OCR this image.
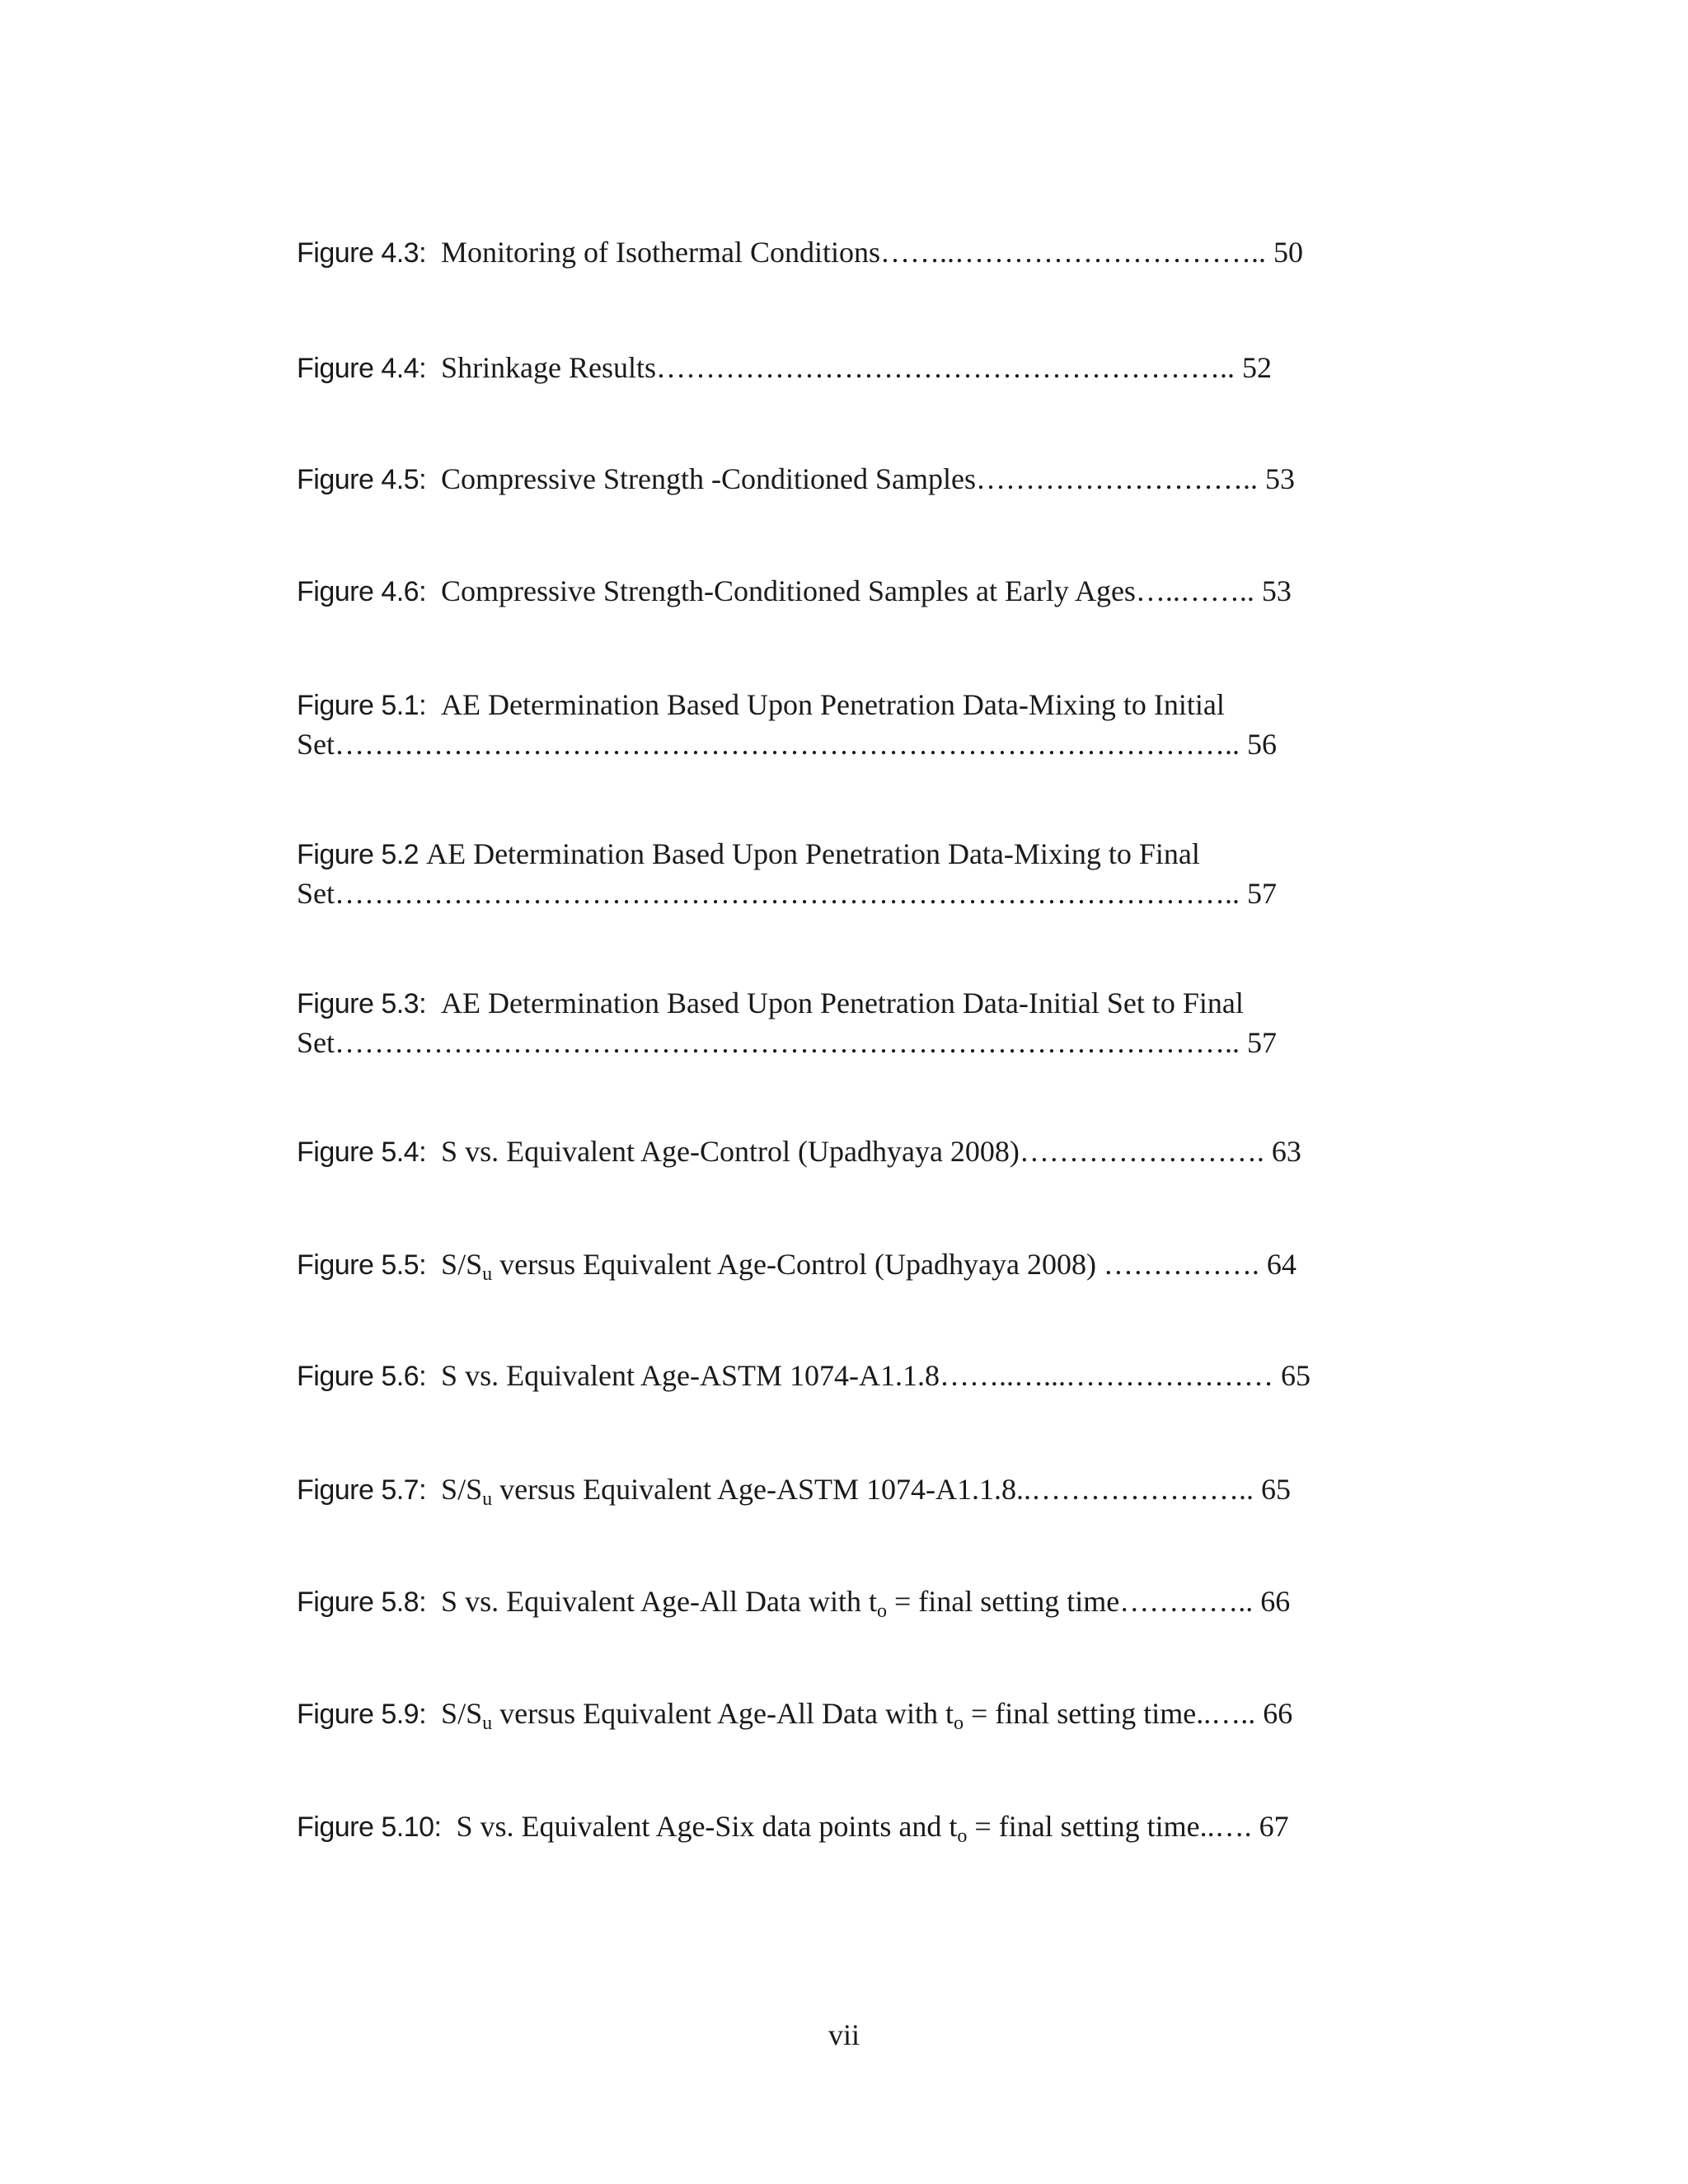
Figure 4.3: Monitoring of Isothermal Conditions……..………………………….. 50
Figure 4.4: Shrinkage Results………………………………………………….. 52
Figure 4.5: Compressive Strength -Conditioned Samples……………………….. 53
Figure 4.6: Compressive Strength-Conditioned Samples at Early Ages…..…….. 53
Figure 5.1: AE Determination Based Upon Penetration Data-Mixing to Initial
Set……………………………………………………………………………….. 56
Figure 5.2 AE Determination Based Upon Penetration Data-Mixing to Final
Set……………………………………………………………………………….. 57
Figure 5.3: AE Determination Based Upon Penetration Data-Initial Set to Final
Set……………………………………………………………………………….. 57
Figure 5.4: S vs. Equivalent Age-Control (Upadhyaya 2008)……………………. 63
Figure 5.5: $S/S_u$ versus Equivalent Age-Control (Upadhyaya 2008) ……………. 64
Figure 5.6: S vs. Equivalent Age-ASTM 1074-A1.1.8……..…...………………… 65
Figure 5.7: $S/S_u$ versus Equivalent Age-ASTM 1074-A1.1.8..………………….. 65
Figure 5.8: S vs. Equivalent Age-All Data with $t_o$ = final setting time………….. 66
Figure 5.9: $S/S_u$ versus Equivalent Age-All Data with $t_o$ = final setting time..….. 66
Figure 5.10: S vs. Equivalent Age-Six data points and $t_o$ = final setting time..…. 67
vii
